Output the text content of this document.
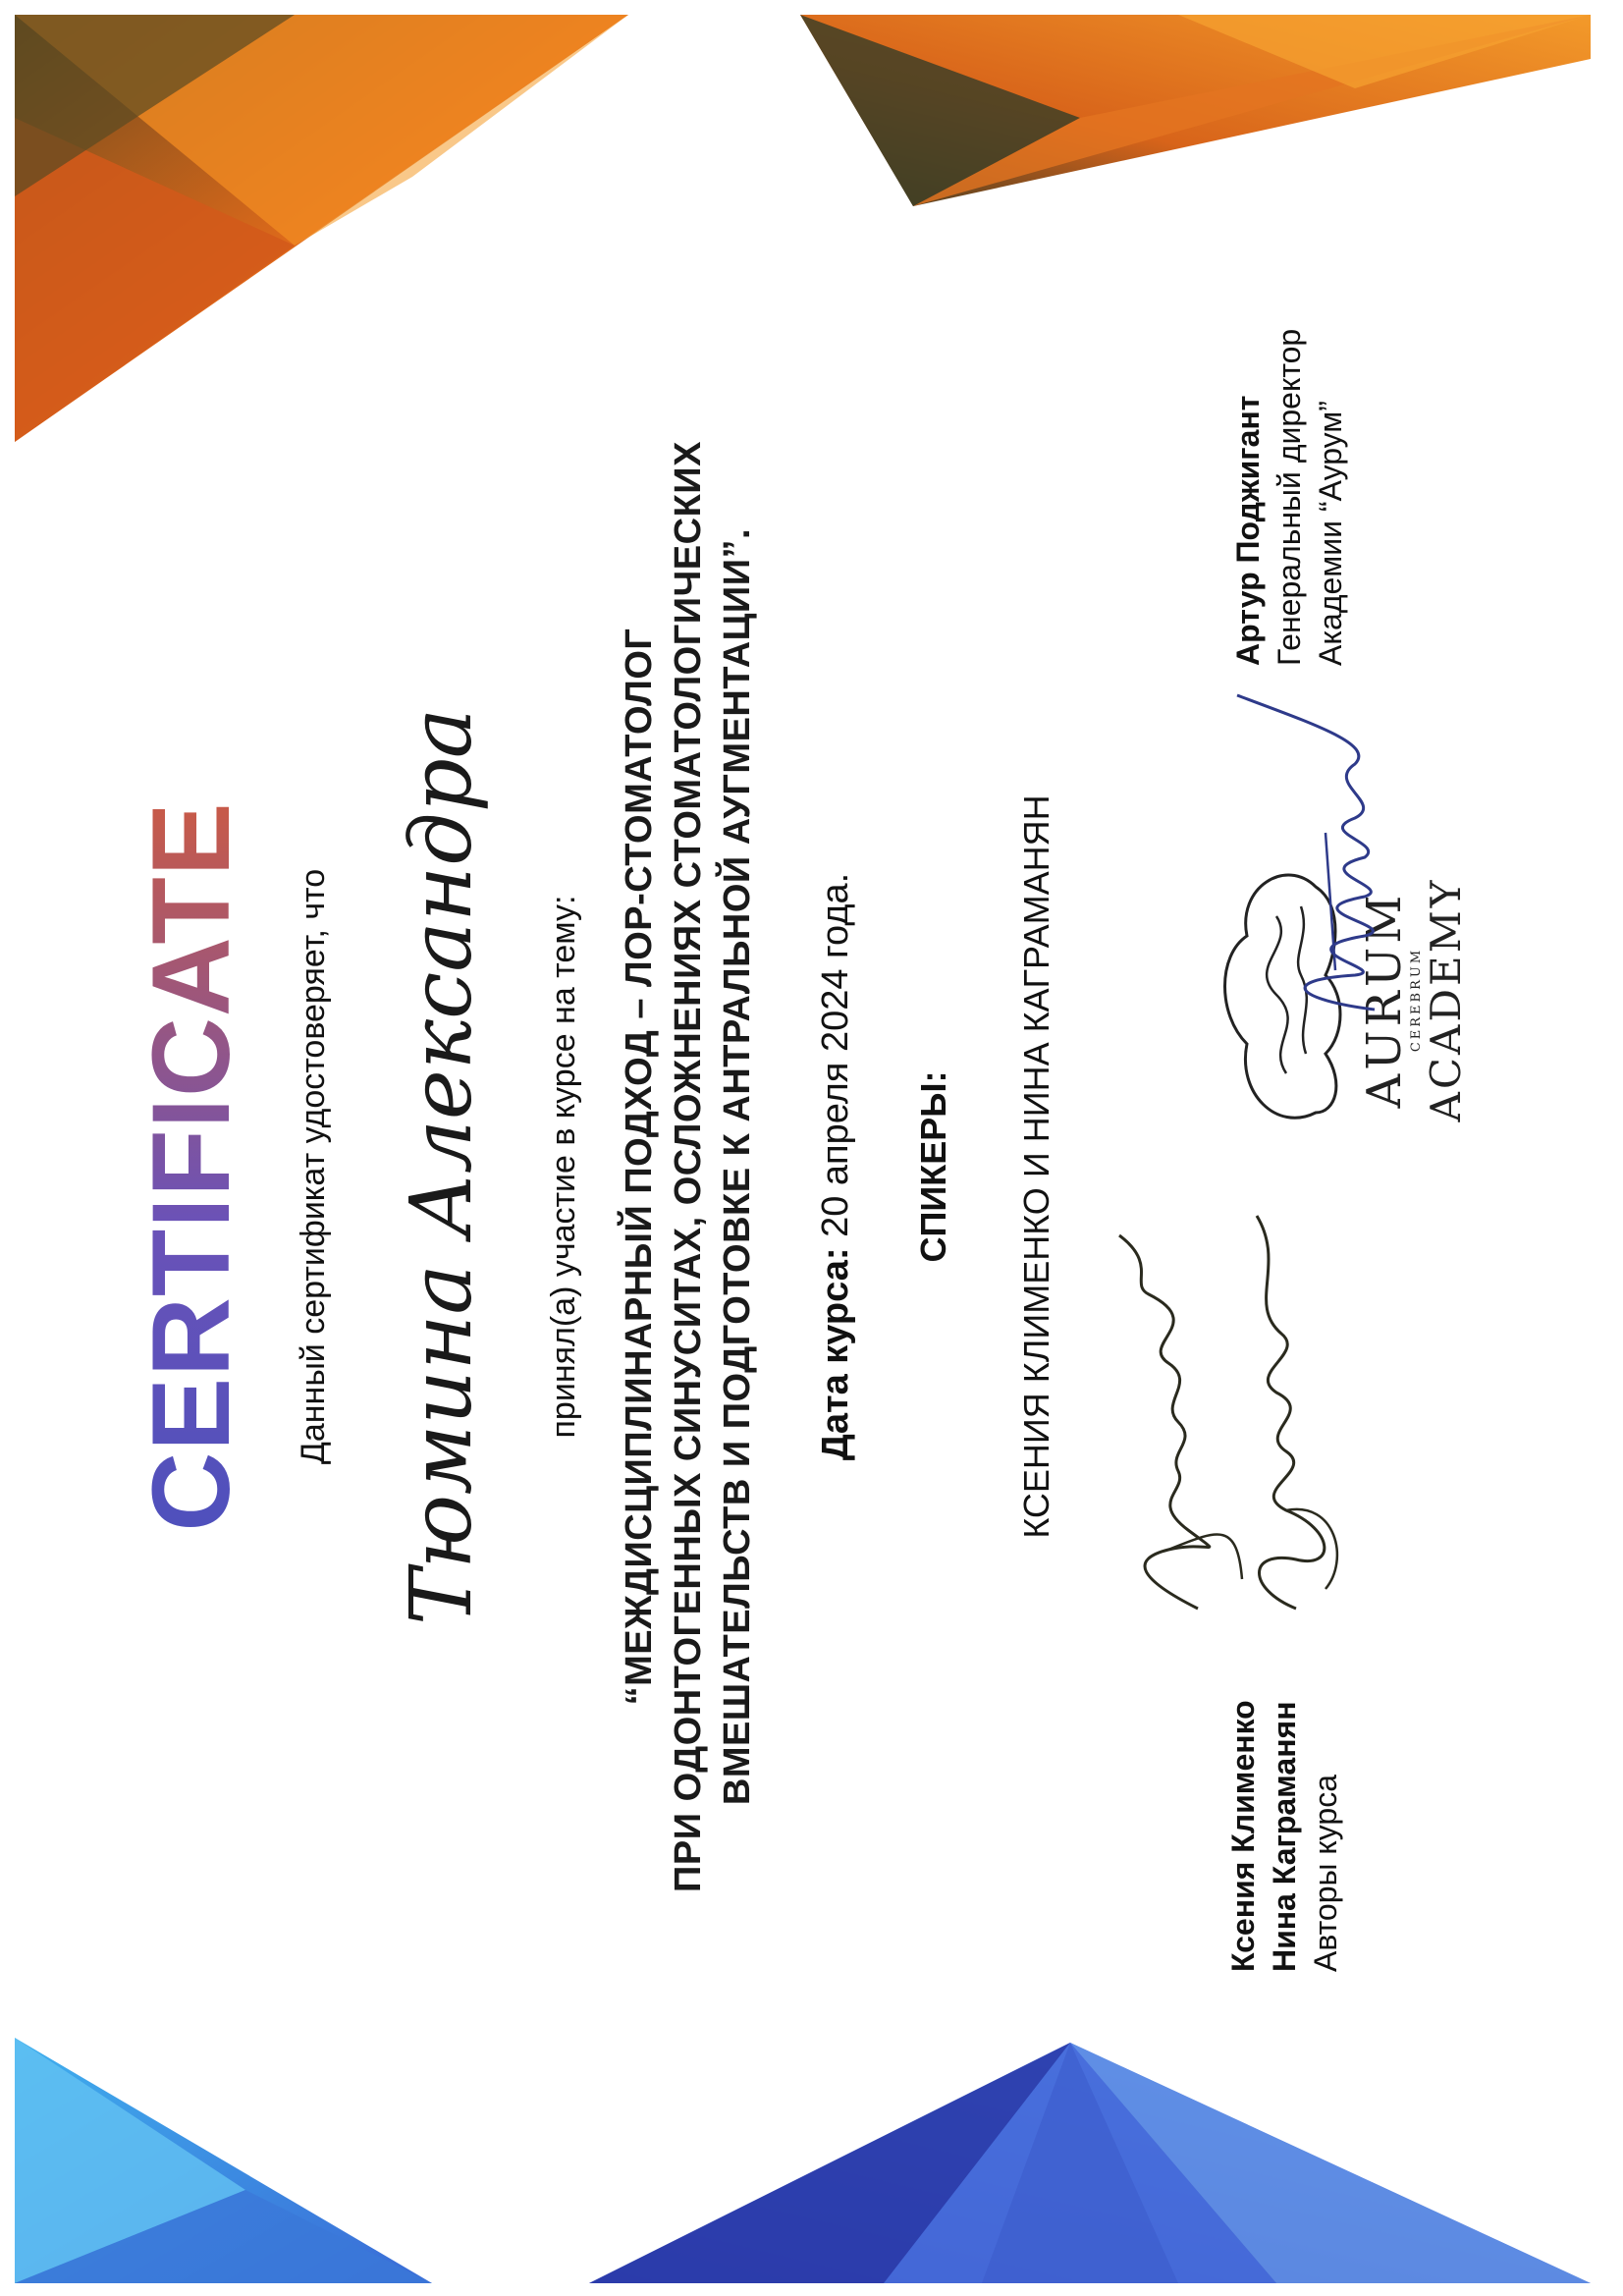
CERTIFICATE Данный сертификат удостоверяет, что Тюмина Александра принял(а) участие в курсе на тему: “МЕЖДИСЦИПЛИНАРНЫЙ ПОДХОД – ЛОР-СТОМАТОЛОГ ПРИ ОДОНТОГЕННЫХ СИНУСИТАХ, ОСЛОЖНЕНИЯХ СТОМАТОЛОГИЧЕСКИХ ВМЕШАТЕЛЬСТВ И ПОДГОТОВКЕ К АНТРАЛЬНОЙ АУГМЕНТАЦИИ”. Дата курса: 20 апреля 2024 года. СПИКЕРЫ: КСЕНИЯ КЛИМЕНКО И НИНА КАГРАМАНЯН
Ксения Клименко Нина Каграманян Авторы курса
AURUM
CEREBRUM
ACADEMY
Артур Поджигант Генеральный директор Академии “Аурум”
